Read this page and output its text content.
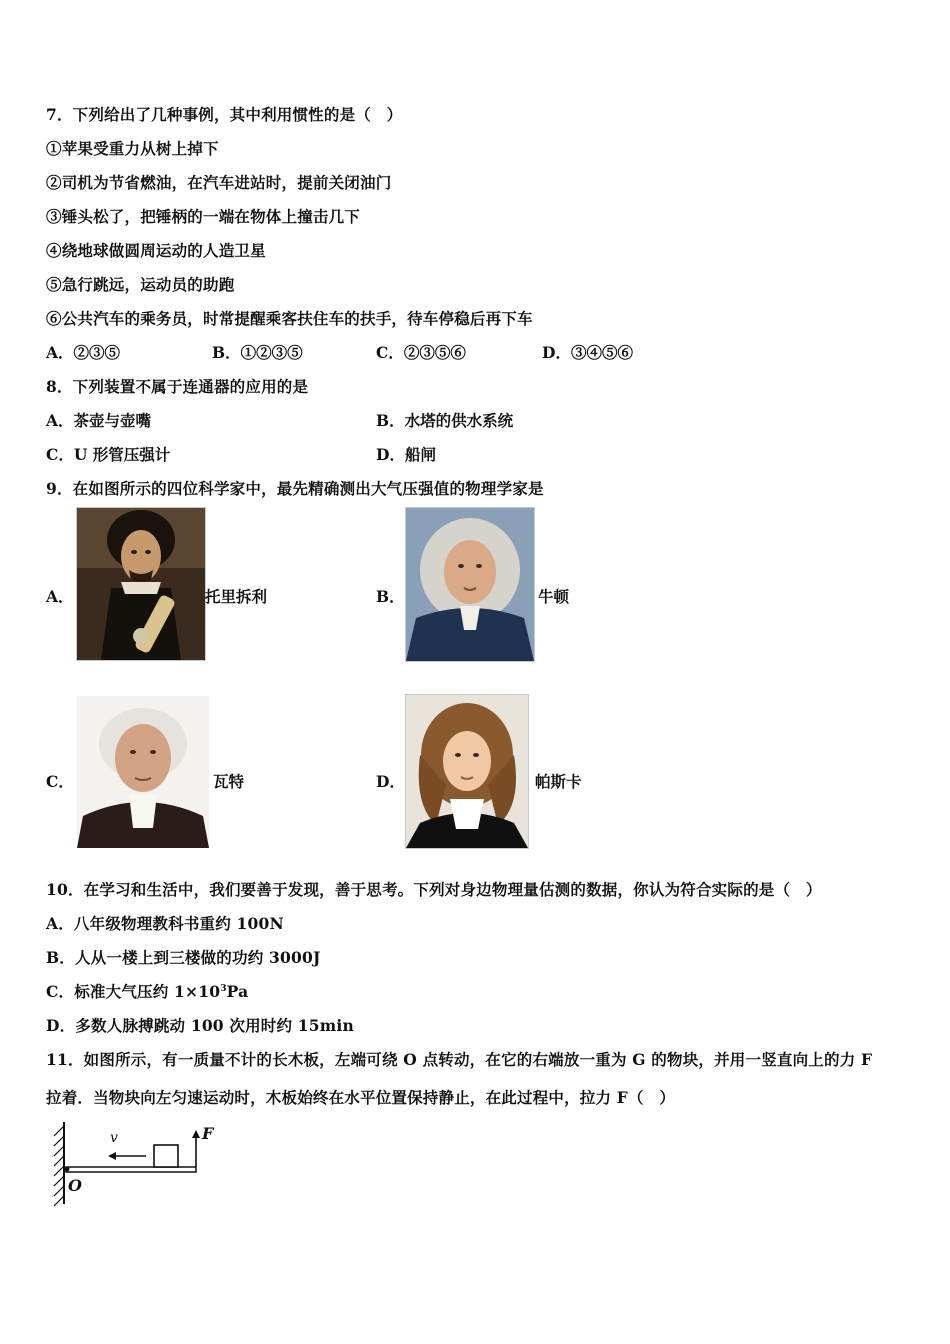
7．下列给出了几种事例，其中利用惯性的是（　）
①苹果受重力从树上掉下
②司机为节省燃油，在汽车进站时，提前关闭油门
③锤头松了，把锤柄的一端在物体上撞击几下
④绕地球做圆周运动的人造卫星
⑤急行跳远，运动员的助跑
⑥公共汽车的乘务员，时常提醒乘客扶住车的扶手，待车停稳后再下车
A．②③⑤	B．①②③⑤	C．②③⑤⑥	D．③④⑤⑥
8．下列装置不属于连通器的应用的是
A．茶壶与壶嘴	B．水塔的供水系统
C．U 形管压强计	D．船闸
9．在如图所示的四位科学家中，最先精确测出大气压强值的物理学家是
A．	托里拆利	B．	牛顿
C．	瓦特	D．	帕斯卡
10．在学习和生活中，我们要善于发现，善于思考。下列对身边物理量估测的数据，你认为符合实际的是（　）
A．八年级物理教科书重约 100N
B．人从一楼上到三楼做的功约 3000J
C．标准大气压约 $1\times 10^3Pa$
D．多数人脉搏跳动 100 次用时约 15min
11．如图所示，有一质量不计的长木板，左端可绕 O 点转动，在它的右端放一重为 G 的物块，并用一竖直向上的力 F
拉着．当物块向左匀速运动时，木板始终在水平位置保持静止，在此过程中，拉力 F（　）
v	F
O
